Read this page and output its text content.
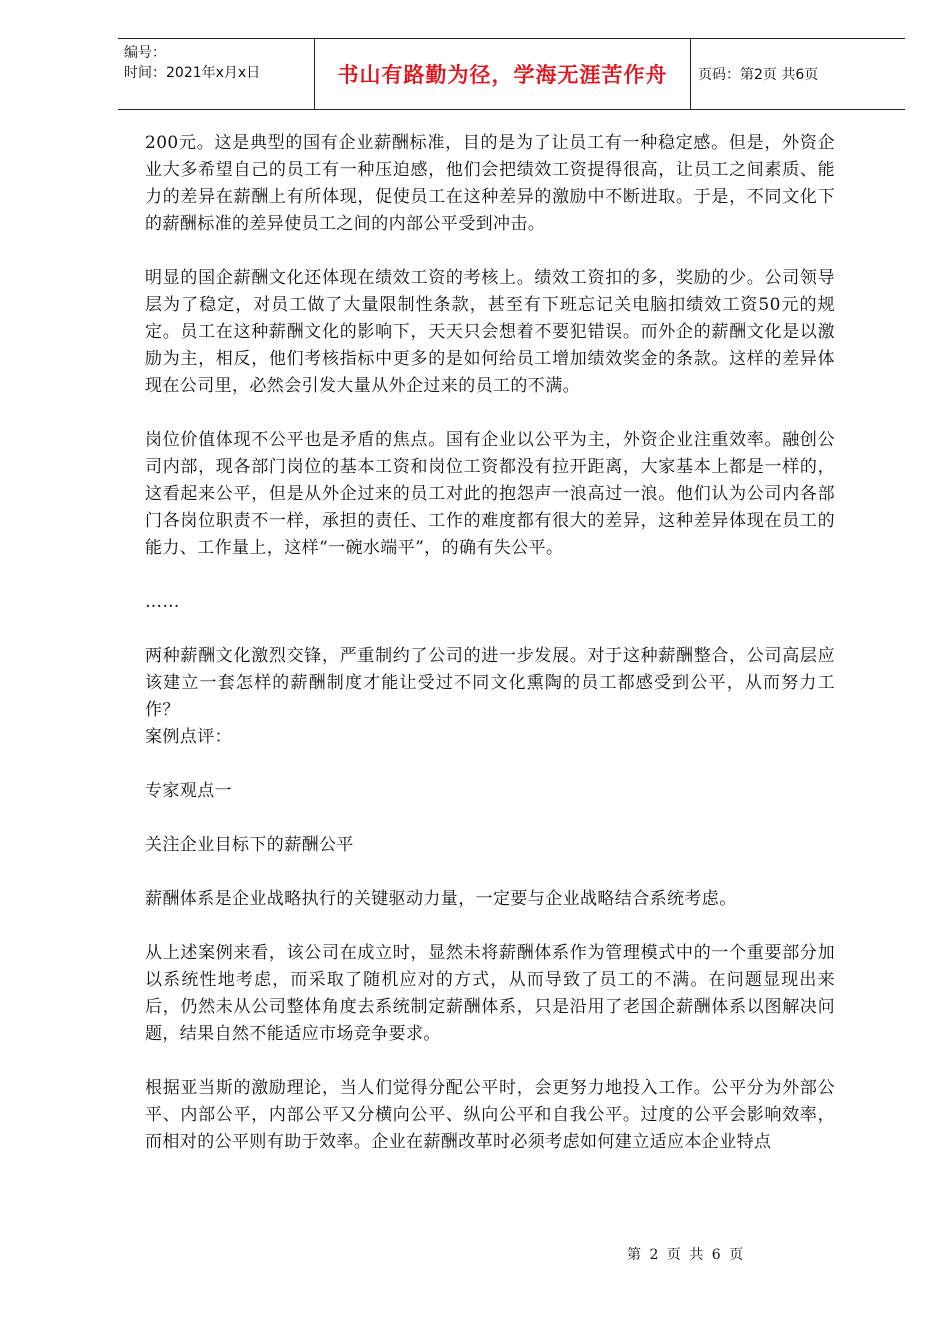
编号：
时间：2021年x月x日	书山有路勤为径，学海无涯苦作舟	页码：第2页 共6页

200元。这是典型的国有企业薪酬标准，目的是为了让员工有一种稳定感。但是，外资企业大多希望自己的员工有一种压迫感，他们会把绩效工资提得很高，让员工之间素质、能力的差异在薪酬上有所体现，促使员工在这种差异的激励中不断进取。于是，不同文化下的薪酬标准的差异使员工之间的内部公平受到冲击。

明显的国企薪酬文化还体现在绩效工资的考核上。绩效工资扣的多，奖励的少。公司领导层为了稳定，对员工做了大量限制性条款，甚至有下班忘记关电脑扣绩效工资50元的规定。员工在这种薪酬文化的影响下，天天只会想着不要犯错误。而外企的薪酬文化是以激励为主，相反，他们考核指标中更多的是如何给员工增加绩效奖金的条款。这样的差异体现在公司里，必然会引发大量从外企过来的员工的不满。

岗位价值体现不公平也是矛盾的焦点。国有企业以公平为主，外资企业注重效率。融创公司内部，现各部门岗位的基本工资和岗位工资都没有拉开距离，大家基本上都是一样的，这看起来公平，但是从外企过来的员工对此的抱怨声一浪高过一浪。他们认为公司内各部门各岗位职责不一样，承担的责任、工作的难度都有很大的差异，这种差异体现在员工的能力、工作量上，这样“一碗水端平”，的确有失公平。

……

两种薪酬文化激烈交锋，严重制约了公司的进一步发展。对于这种薪酬整合，公司高层应该建立一套怎样的薪酬制度才能让受过不同文化熏陶的员工都感受到公平，从而努力工作？

案例点评：

专家观点一

关注企业目标下的薪酬公平

薪酬体系是企业战略执行的关键驱动力量，一定要与企业战略结合系统考虑。

从上述案例来看，该公司在成立时，显然未将薪酬体系作为管理模式中的一个重要部分加以系统性地考虑，而采取了随机应对的方式，从而导致了员工的不满。在问题显现出来后，仍然未从公司整体角度去系统制定薪酬体系，只是沿用了老国企薪酬体系以图解决问题，结果自然不能适应市场竞争要求。

根据亚当斯的激励理论，当人们觉得分配公平时，会更努力地投入工作。公平分为外部公平、内部公平，内部公平又分横向公平、纵向公平和自我公平。过度的公平会影响效率，而相对的公平则有助于效率。企业在薪酬改革时必须考虑如何建立适应本企业特点

第 2 页 共 6 页
